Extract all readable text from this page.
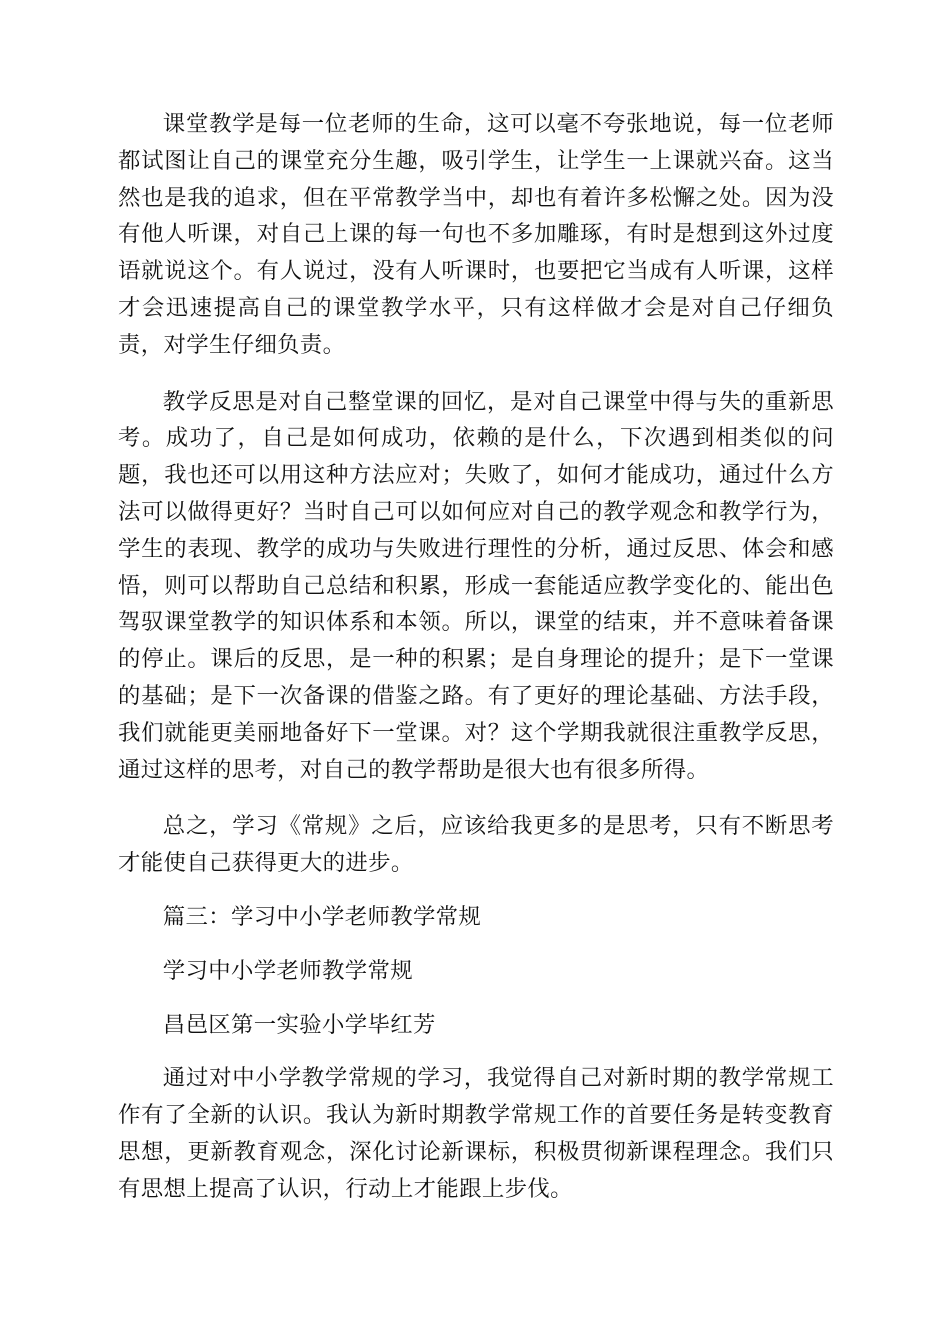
课堂教学是每一位老师的生命，这可以毫不夸张地说，每一位老师都试图让自己的课堂充分生趣，吸引学生，让学生一上课就兴奋。这当然也是我的追求，但在平常教学当中，却也有着许多松懈之处。因为没有他人听课，对自己上课的每一句也不多加雕琢，有时是想到这外过度语就说这个。有人说过，没有人听课时，也要把它当成有人听课，这样才会迅速提高自己的课堂教学水平，只有这样做才会是对自己仔细负责，对学生仔细负责。

教学反思是对自己整堂课的回忆，是对自己课堂中得与失的重新思考。成功了，自己是如何成功，依赖的是什么，下次遇到相类似的问题，我也还可以用这种方法应对；失败了，如何才能成功，通过什么方法可以做得更好？当时自己可以如何应对自己的教学观念和教学行为，学生的表现、教学的成功与失败进行理性的分析，通过反思、体会和感悟，则可以帮助自己总结和积累，形成一套能适应教学变化的、能出色驾驭课堂教学的知识体系和本领。所以，课堂的结束，并不意味着备课的停止。课后的反思，是一种的积累；是自身理论的提升；是下一堂课的基础；是下一次备课的借鉴之路。有了更好的理论基础、方法手段，我们就能更美丽地备好下一堂课。对？这个学期我就很注重教学反思，通过这样的思考，对自己的教学帮助是很大也有很多所得。

总之，学习《常规》之后，应该给我更多的是思考，只有不断思考才能使自己获得更大的进步。

篇三：学习中小学老师教学常规

学习中小学老师教学常规

昌邑区第一实验小学毕红芳

通过对中小学教学常规的学习，我觉得自己对新时期的教学常规工作有了全新的认识。我认为新时期教学常规工作的首要任务是转变教育思想，更新教育观念，深化讨论新课标，积极贯彻新课程理念。我们只有思想上提高了认识，行动上才能跟上步伐。
